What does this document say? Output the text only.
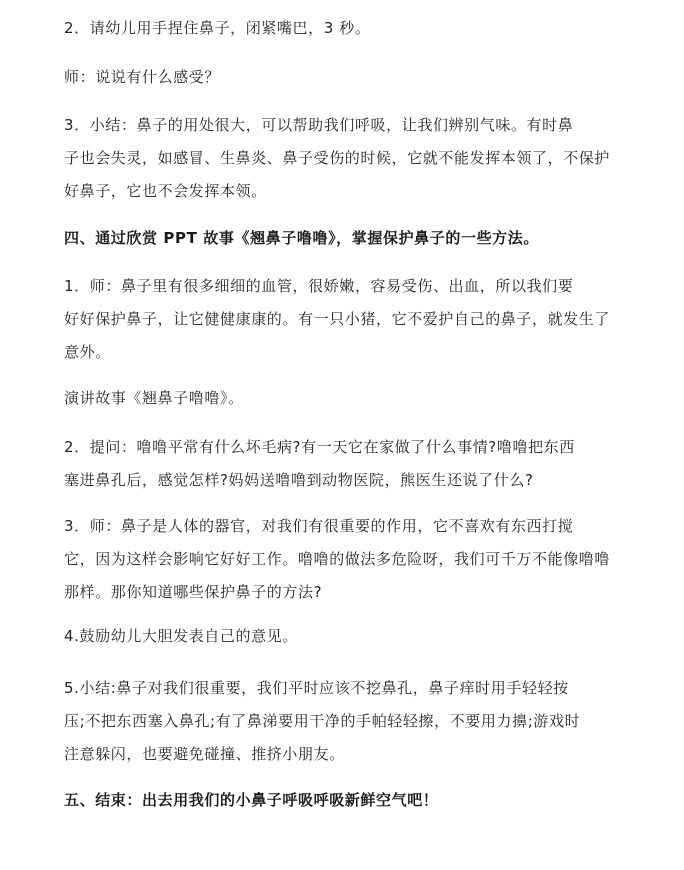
2．请幼儿用手捏住鼻子，闭紧嘴巴，3 秒。

师：说说有什么感受？

3．小结：鼻子的用处很大，可以帮助我们呼吸，让我们辨别气味。有时鼻
子也会失灵，如感冒、生鼻炎、鼻子受伤的时候，它就不能发挥本领了，不保护
好鼻子，它也不会发挥本领。

四、通过欣赏 PPT 故事《翘鼻子噜噜》，掌握保护鼻子的一些方法。

1．师：鼻子里有很多细细的血管，很娇嫩，容易受伤、出血，所以我们要
好好保护鼻子，让它健健康康的。有一只小猪，它不爱护自己的鼻子，就发生了
意外。

演讲故事《翘鼻子噜噜》。

2．提问：噜噜平常有什么坏毛病?有一天它在家做了什么事情?噜噜把东西
塞进鼻孔后，感觉怎样?妈妈送噜噜到动物医院，熊医生还说了什么?

3．师：鼻子是人体的器官，对我们有很重要的作用，它不喜欢有东西打搅
它，因为这样会影响它好好工作。噜噜的做法多危险呀，我们可千万不能像噜噜
那样。那你知道哪些保护鼻子的方法?

4.鼓励幼儿大胆发表自己的意见。

5.小结:鼻子对我们很重要，我们平时应该不挖鼻孔，鼻子痒时用手轻轻按
压;不把东西塞入鼻孔;有了鼻涕要用干净的手帕轻轻擦，不要用力擤;游戏时
注意躲闪，也要避免碰撞、推挤小朋友。

五、结束：出去用我们的小鼻子呼吸呼吸新鲜空气吧！
